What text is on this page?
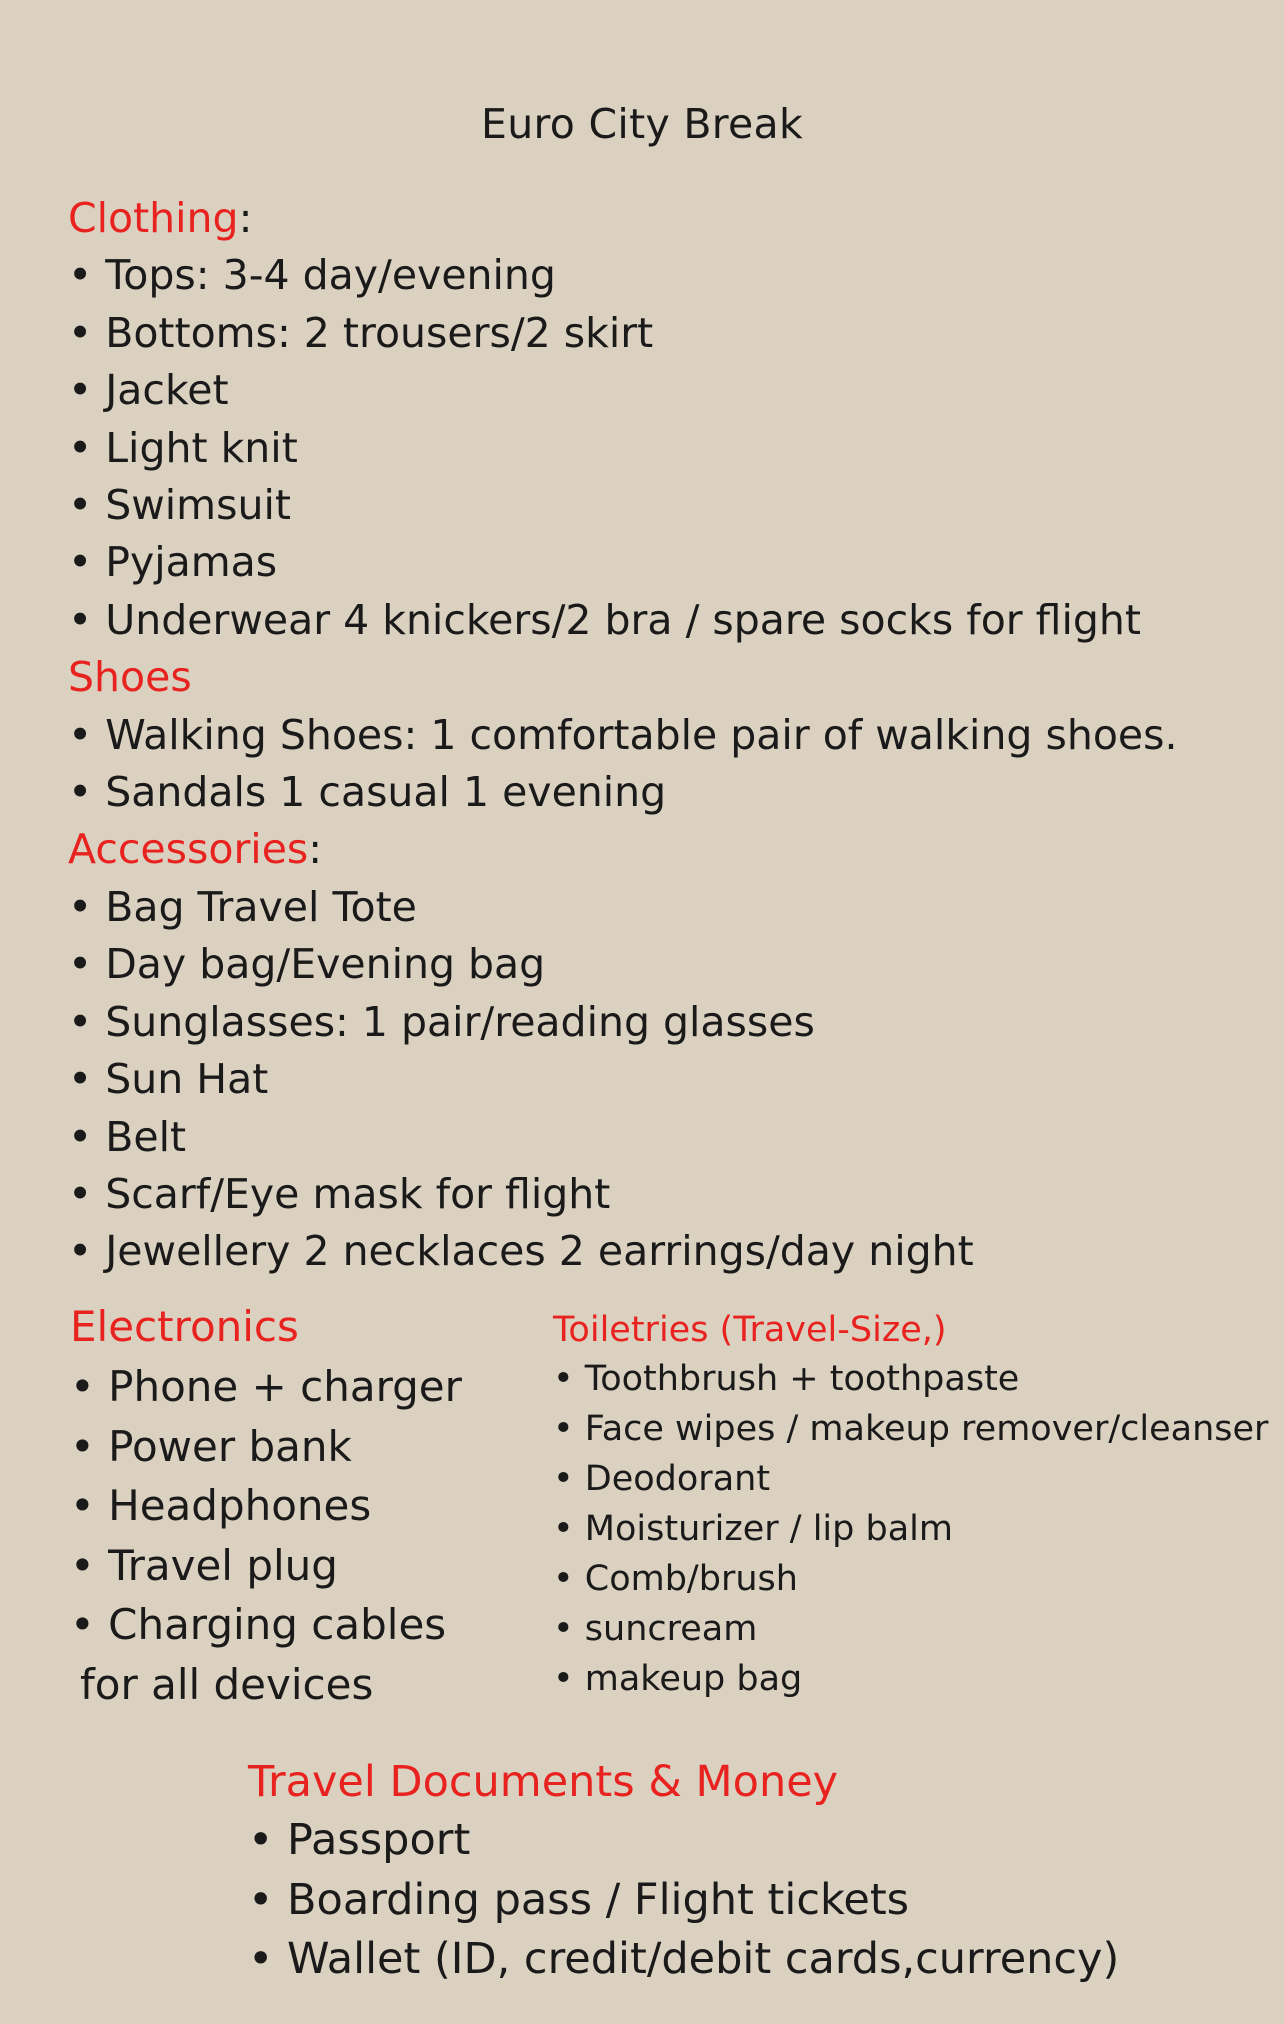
Euro City Break
Clothing:
• Tops: 3-4 day/evening
• Bottoms: 2 trousers/2 skirt
• Jacket
• Light knit
• Swimsuit
• Pyjamas
• Underwear 4 knickers/2 bra / spare socks for flight
Shoes
• Walking Shoes: 1 comfortable pair of walking shoes.
• Sandals 1 casual 1 evening
Accessories:
• Bag Travel Tote
• Day bag/Evening bag
• Sunglasses: 1 pair/reading glasses
• Sun Hat
• Belt
• Scarf/Eye mask for flight
• Jewellery 2 necklaces 2 earrings/day night
Electronics
• Phone + charger
• Power bank
• Headphones
• Travel plug
• Charging cables
for all devices
Toiletries (Travel-Size,)
• Toothbrush + toothpaste
• Face wipes / makeup remover/cleanser
• Deodorant
• Moisturizer / lip balm
• Comb/brush
• suncream
• makeup bag
Travel Documents & Money
• Passport
• Boarding pass / Flight tickets
• Wallet (ID, credit/debit cards,currency)
